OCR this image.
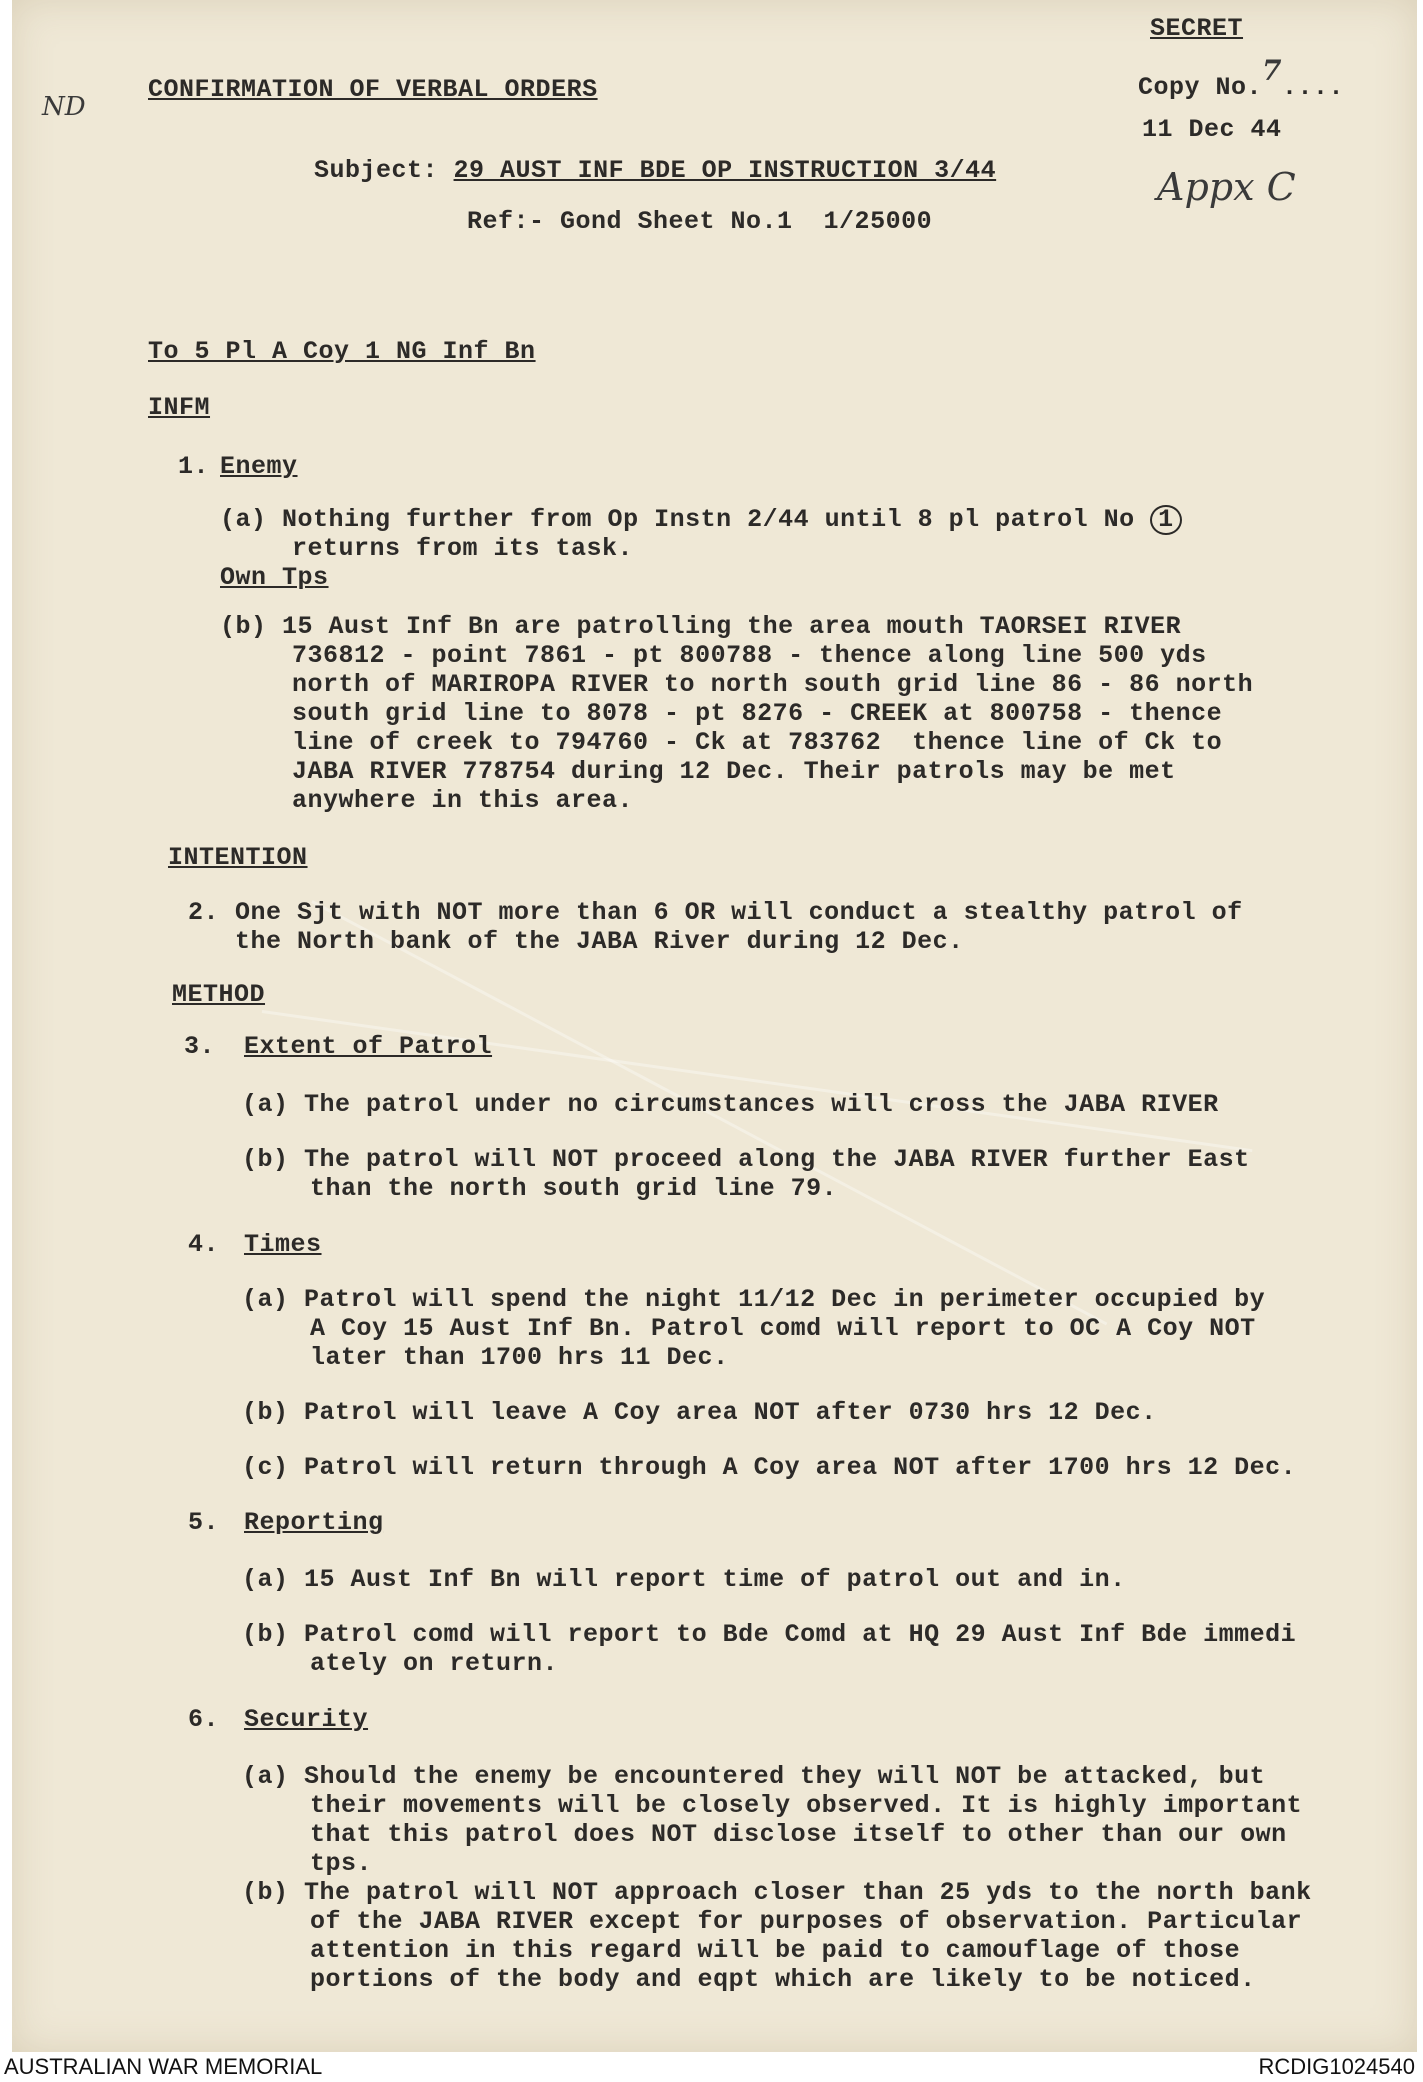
SECRET
ND
CONFIRMATION OF VERBAL ORDERS	Copy No.7....
11 Dec 44
Appx C
Subject: 29 AUST INF BDE OP INSTRUCTION 3/44
Ref:- Gond Sheet No.1  1/25000
To 5 Pl A Coy 1 NG Inf Bn
INFM
1. Enemy
(a) Nothing further from Op Instn 2/44 until 8 pl patrol No 1
returns from its task.
Own Tps
(b) 15 Aust Inf Bn are patrolling the area mouth TAORSEI RIVER
736812 - point 7861 - pt 800788 - thence along line 500 yds
north of MARIROPA RIVER to north south grid line 86 - 86 north
south grid line to 8078 - pt 8276 - CREEK at 800758 - thence
line of creek to 794760 - Ck at 783762  thence line of Ck to
JABA RIVER 778754 during 12 Dec. Their patrols may be met
anywhere in this area.
INTENTION
2. One Sjt with NOT more than 6 OR will conduct a stealthy patrol of
the North bank of the JABA River during 12 Dec.
METHOD
3. Extent of Patrol
(a) The patrol under no circumstances will cross the JABA RIVER
(b) The patrol will NOT proceed along the JABA RIVER further East
than the north south grid line 79.
4. Times
(a) Patrol will spend the night 11/12 Dec in perimeter occupied by
A Coy 15 Aust Inf Bn. Patrol comd will report to OC A Coy NOT
later than 1700 hrs 11 Dec.
(b) Patrol will leave A Coy area NOT after 0730 hrs 12 Dec.
(c) Patrol will return through A Coy area NOT after 1700 hrs 12 Dec.
5. Reporting
(a) 15 Aust Inf Bn will report time of patrol out and in.
(b) Patrol comd will report to Bde Comd at HQ 29 Aust Inf Bde immedi
ately on return.
6. Security
(a) Should the enemy be encountered they will NOT be attacked, but
their movements will be closely observed. It is highly important
that this patrol does NOT disclose itself to other than our own
tps.
(b) The patrol will NOT approach closer than 25 yds to the north bank
of the JABA RIVER except for purposes of observation. Particular
attention in this regard will be paid to camouflage of those
portions of the body and eqpt which are likely to be noticed.
AUSTRALIAN WAR MEMORIAL	RCDIG1024540
